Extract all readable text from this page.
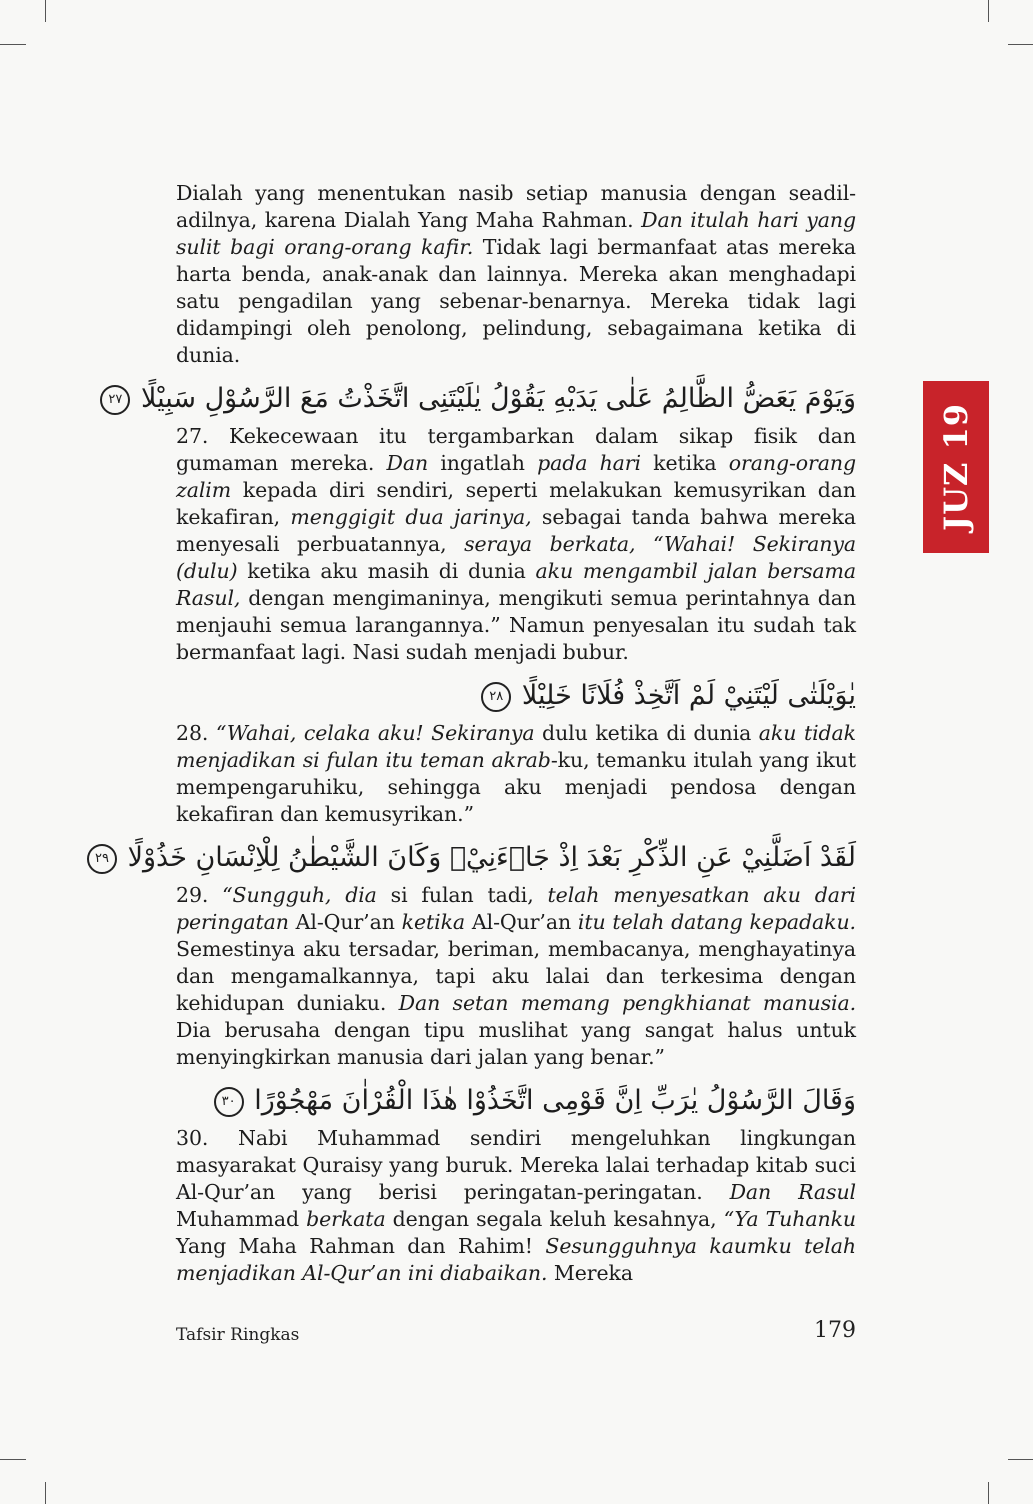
JUZ 19

Dialah yang menentukan nasib setiap manusia dengan seadil-adilnya, karena Dialah Yang Maha Rahman. Dan itulah hari yang sulit bagi orang-orang kafir. Tidak lagi bermanfaat atas mereka harta benda, anak-anak dan lainnya. Mereka akan menghadapi satu pengadilan yang sebenar-benarnya. Mereka tidak lagi didampingi oleh penolong, pelindung, sebagaimana ketika di dunia.

وَيَوْمَ يَعَضُّ الظَّالِمُ عَلٰى يَدَيْهِ يَقُوْلُ يٰلَيْتَنِى اتَّخَذْتُ مَعَ الرَّسُوْلِ سَبِيْلًا ٢٧

27. Kekecewaan itu tergambarkan dalam sikap fisik dan gumaman mereka. Dan ingatlah pada hari ketika orang-orang zalim kepada diri sendiri, seperti melakukan kemusyrikan dan kekafiran, menggigit dua jarinya, sebagai tanda bahwa mereka menyesali perbuatannya, seraya berkata, “Wahai! Sekiranya (dulu) ketika aku masih di dunia aku mengambil jalan bersama Rasul, dengan mengimaninya, mengikuti semua perintahnya dan menjauhi semua larangannya.” Namun penyesalan itu sudah tak bermanfaat lagi. Nasi sudah menjadi bubur.

يٰوَيْلَتٰى لَيْتَنِيْ لَمْ اَتَّخِذْ فُلَانًا خَلِيْلًا ٢٨

28. “Wahai, celaka aku! Sekiranya dulu ketika di dunia aku tidak menjadikan si fulan itu teman akrab-ku, temanku itulah yang ikut mempengaruhiku, sehingga aku menjadi pendosa dengan kekafiran dan kemusyrikan.”

لَقَدْ اَضَلَّنِيْ عَنِ الذِّكْرِ بَعْدَ اِذْ جَاۤءَنِيْۗ وَكَانَ الشَّيْطٰنُ لِلْاِنْسَانِ خَذُوْلًا ٢٩

29. “Sungguh, dia si fulan tadi, telah menyesatkan aku dari peringatan Al-Qur’an ketika Al-Qur’an itu telah datang kepadaku. Semestinya aku tersadar, beriman, membacanya, menghayatinya dan mengamalkannya, tapi aku lalai dan terkesima dengan kehidupan duniaku. Dan setan memang pengkhianat manusia. Dia berusaha dengan tipu muslihat yang sangat halus untuk menyingkirkan manusia dari jalan yang benar.”

وَقَالَ الرَّسُوْلُ يٰرَبِّ اِنَّ قَوْمِى اتَّخَذُوْا هٰذَا الْقُرْاٰنَ مَهْجُوْرًا ٣٠

30. Nabi Muhammad sendiri mengeluhkan lingkungan masyarakat Quraisy yang buruk. Mereka lalai terhadap kitab suci Al-Qur’an yang berisi peringatan-peringatan. Dan Rasul Muhammad berkata dengan segala keluh kesahnya, “Ya Tuhanku Yang Maha Rahman dan Rahim! Sesungguhnya kaumku telah menjadikan Al-Qur’an ini diabaikan. Mereka

Tafsir Ringkas	179
